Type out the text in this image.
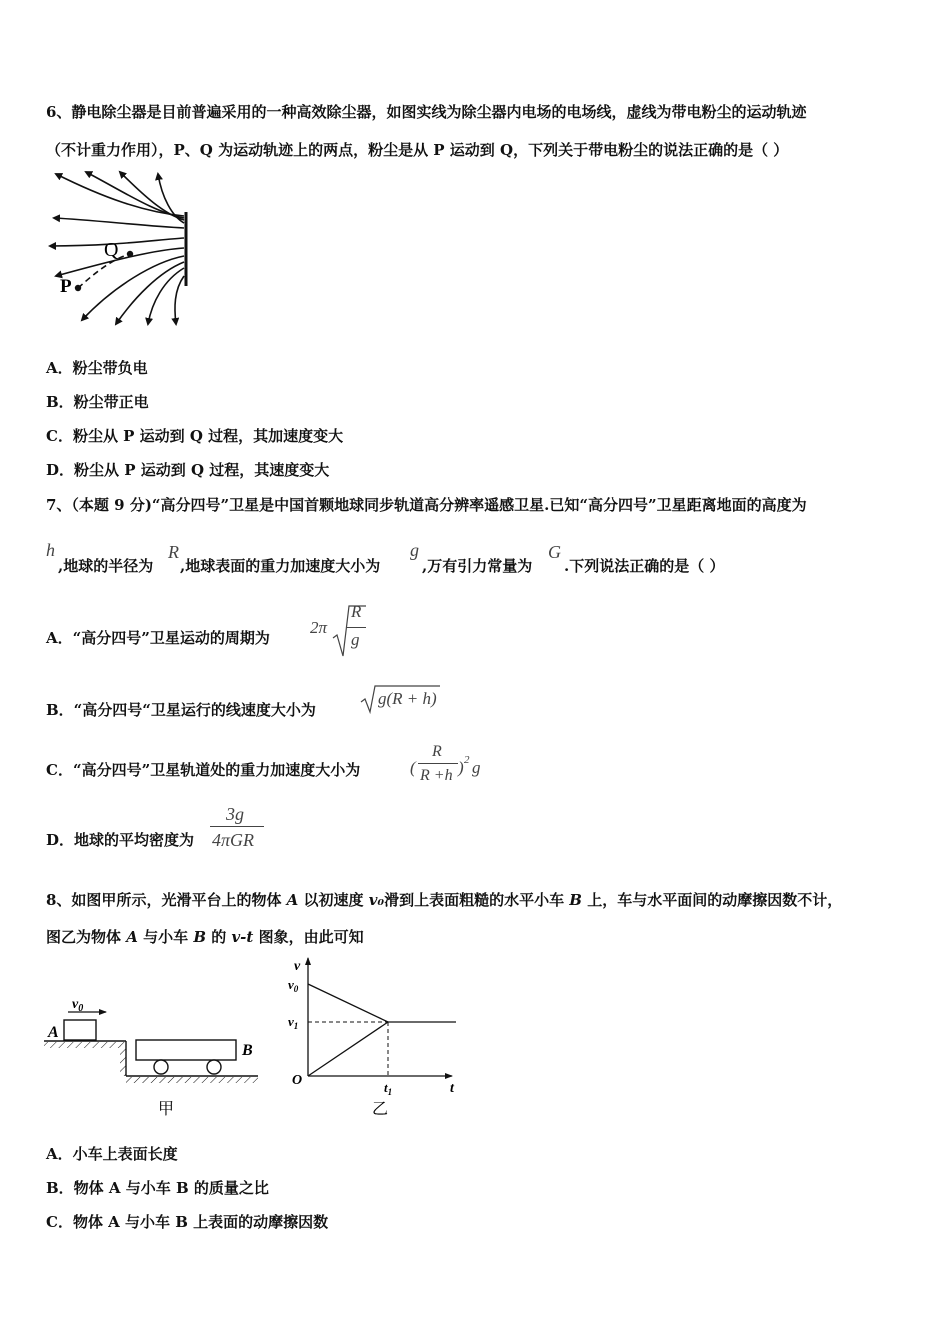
6、静电除尘器是目前普遍采用的一种高效除尘器，如图实线为除尘器内电场的电场线，虚线为带电粉尘的运动轨迹
（不计重力作用），P、Q 为运动轨迹上的两点，粉尘是从 P 运动到 Q，下列关于带电粉尘的说法正确的是（ ）
Q
P
A．粉尘带负电
B．粉尘带正电
C．粉尘从 P 运动到 Q 过程，其加速度变大
D．粉尘从 P 运动到 Q 过程，其速度变大
7、（本题 9 分)“高分四号”卫星是中国首颗地球同步轨道高分辨率遥感卫星.已知“高分四号”卫星距离地面的高度为
h
,地球的半径为
R
,地球表面的重力加速度大小为
g
,万有引力常量为
G
.下列说法正确的是（ ）
A．“高分四号”卫星运动的周期为
2π
R
g
B．“高分四号“卫星运行的线速度大小为
g(R + h)
C．“高分四号”卫星轨道处的重力加速度大小为	(
R
R +h ) 2 g
D．地球的平均密度为
3g
4πGR
8、如图甲所示，光滑平台上的物体 A 以初速度 v₀滑到上表面粗糙的水平小车 B 上，车与水平面间的动摩擦因数不计，
图乙为物体 A 与小车 B 的 v-t 图象，由此可知
$v_0$
A
B
甲
v
$v_0$
$v_1$
O	$t_1$	t
乙
A．小车上表面长度
B．物体 A 与小车 B 的质量之比
C．物体 A 与小车 B 上表面的动摩擦因数
